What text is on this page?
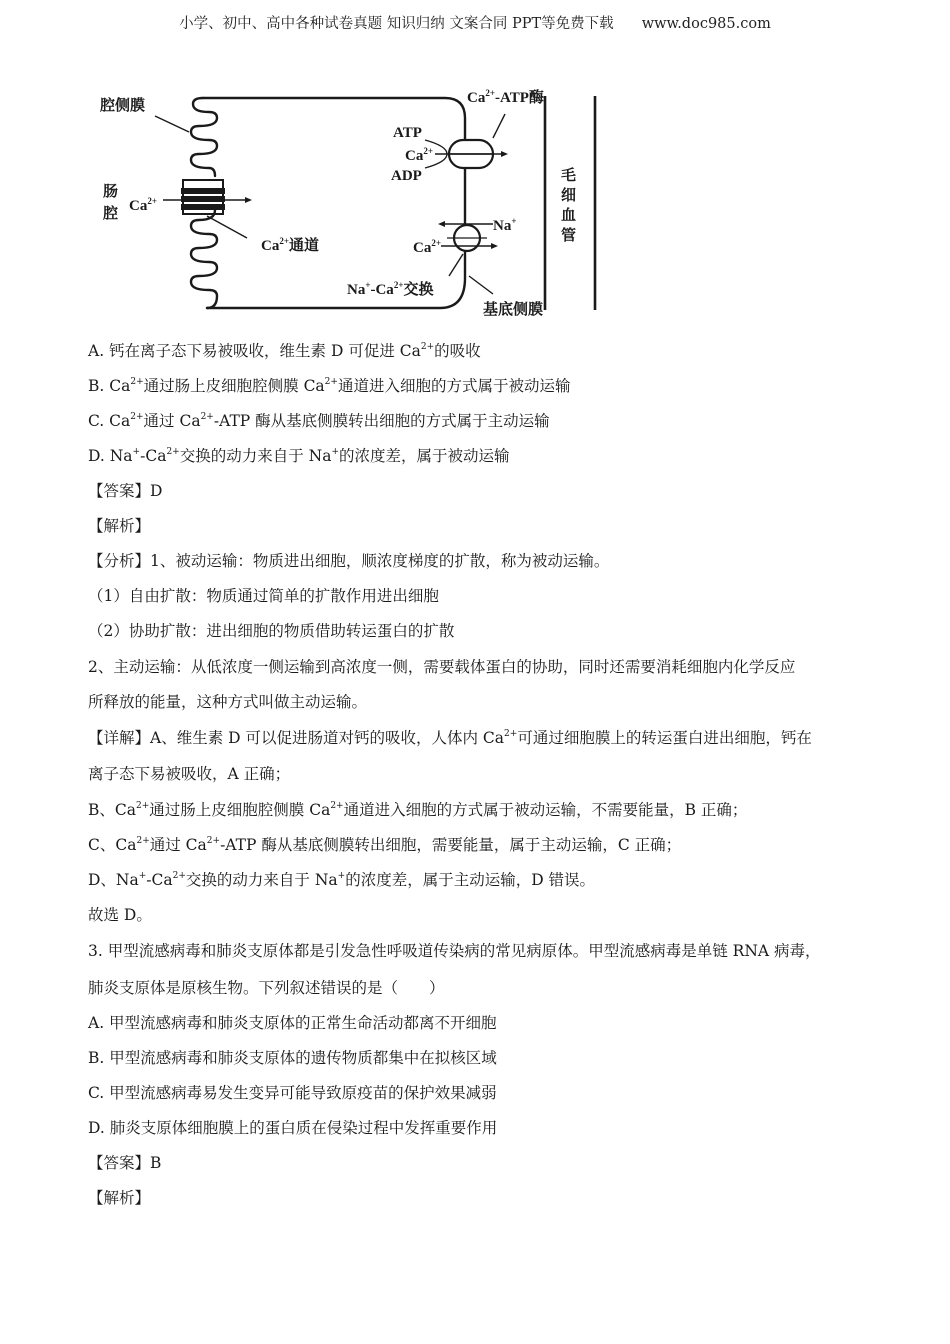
小学、初中、高中各种试卷真题 知识归纳 文案合同 PPT等免费下载 www.doc985.com
腔侧膜
肠
腔 $Ca^{2+}$
$Ca^{2+}$通道
$Ca^{2+}$-ATP酶
ATP
$Ca^{2+}$
ADP
Na+
$Ca^{2+}$
$Na^+-Ca^{2+}$交换
基底侧膜
毛
细
血
管
A. 钙在离子态下易被吸收，维生素 D 可促进 $Ca^{2+}$的吸收
B. $Ca^{2+}$通过肠上皮细胞腔侧膜 $Ca^{2+}$通道进入细胞的方式属于被动运输
C. $Ca^{2+}$通过 $Ca^{2+}$-ATP 酶从基底侧膜转出细胞的方式属于主动运输
D. $Na^+-Ca^{2+}$交换的动力来自于 Na+的浓度差，属于被动运输
【答案】D
【解析】
【分析】1、被动运输：物质进出细胞，顺浓度梯度的扩散，称为被动运输。
（1）自由扩散：物质通过简单的扩散作用进出细胞
（2）协助扩散：进出细胞的物质借助转运蛋白的扩散
2、主动运输：从低浓度一侧运输到高浓度一侧，需要载体蛋白的协助，同时还需要消耗细胞内化学反应
所释放的能量，这种方式叫做主动运输。
【详解】A、维生素 D 可以促进肠道对钙的吸收，人体内 $Ca^{2+}$可通过细胞膜上的转运蛋白进出细胞，钙在
离子态下易被吸收，A 正确；
B、$Ca^{2+}$通过肠上皮细胞腔侧膜 $Ca^{2+}$通道进入细胞的方式属于被动运输，不需要能量，B 正确；
C、$Ca^{2+}$通过 $Ca^{2+}$-ATP 酶从基底侧膜转出细胞，需要能量，属于主动运输，C 正确；
D、$Na^+-Ca^{2+}$交换的动力来自于 Na+的浓度差，属于主动运输，D 错误。
故选 D。
3. 甲型流感病毒和肺炎支原体都是引发急性呼吸道传染病的常见病原体。甲型流感病毒是单链 RNA 病毒，
肺炎支原体是原核生物。下列叙述错误的是（　　）
A. 甲型流感病毒和肺炎支原体的正常生命活动都离不开细胞
B. 甲型流感病毒和肺炎支原体的遗传物质都集中在拟核区域
C. 甲型流感病毒易发生变异可能导致原疫苗的保护效果减弱
D. 肺炎支原体细胞膜上的蛋白质在侵染过程中发挥重要作用
【答案】B
【解析】
